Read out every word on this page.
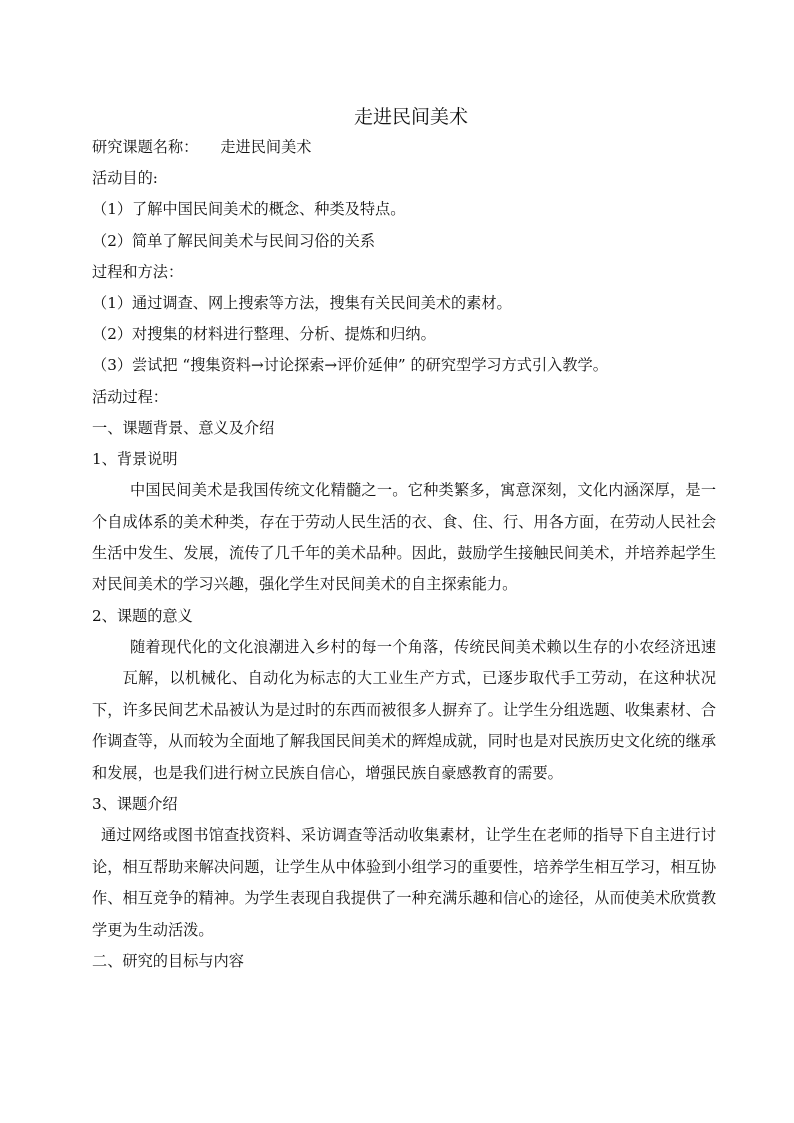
走进民间美术
研究课题名称： 走进民间美术
活动目的:
（1）了解中国民间美术的概念、种类及特点。
（2）简单了解民间美术与民间习俗的关系
过程和方法：
（1）通过调查、网上搜索等方法，搜集有关民间美术的素材。
（2）对搜集的材料进行整理、分析、提炼和归纳。
（3）尝试把 “搜集资料→讨论探索→评价延伸” 的研究型学习方式引入教学。
活动过程：
一、课题背景、意义及介绍
1、背景说明

中国民间美术是我国传统文化精髓之一。它种类繁多，寓意深刻，文化内涵深厚，是一个自成体系的美术种类，存在于劳动人民生活的衣、食、住、行、用各方面，在劳动人民社会生活中发生、发展，流传了几千年的美术品种。因此，鼓励学生接触民间美术，并培养起学生对民间美术的学习兴趣，强化学生对民间美术的自主探索能力。

2、课题的意义

随着现代化的文化浪潮进入乡村的每一个角落，传统民间美术赖以生存的小农经济迅速瓦解，以机械化、自动化为标志的大工业生产方式，已逐步取代手工劳动，在这种状况下，许多民间艺术品被认为是过时的东西而被很多人摒弃了。让学生分组选题、收集素材、合作调查等，从而较为全面地了解我国民间美术的辉煌成就，同时也是对民族历史文化统的继承和发展，也是我们进行树立民族自信心，增强民族自豪感教育的需要。

3、课题介绍

通过网络或图书馆查找资料、采访调查等活动收集素材，让学生在老师的指导下自主进行讨论，相互帮助来解决问题，让学生从中体验到小组学习的重要性，培养学生相互学习，相互协作、相互竞争的精神。为学生表现自我提供了一种充满乐趣和信心的途径，从而使美术欣赏教学更为生动活泼。

二、研究的目标与内容
